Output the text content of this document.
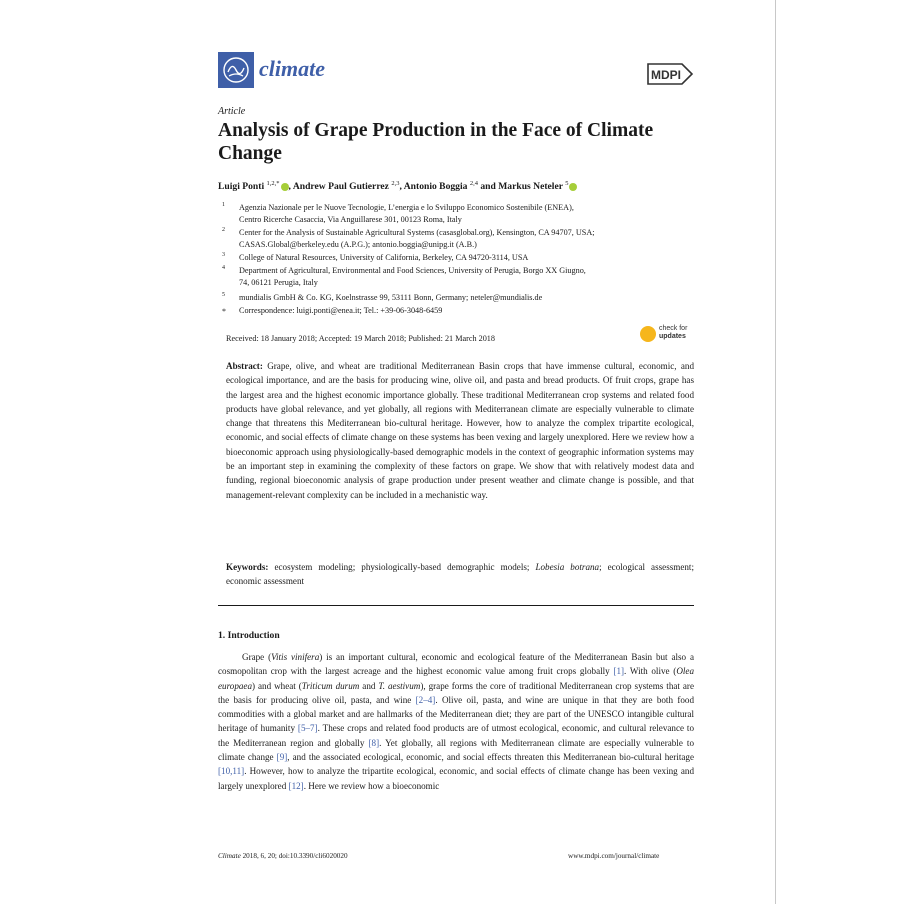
climate	MDPI
Article
Analysis of Grape Production in the Face of Climate Change
Luigi Ponti $^{1,2,*}$ , Andrew Paul Gutierrez $^{2,3}$, Antonio Boggia $^{2,4}$ and Markus Neteler $^5$
1 Agenzia Nazionale per le Nuove Tecnologie, L’energia e lo Sviluppo Economico Sostenibile (ENEA),
Centro Ricerche Casaccia, Via Anguillarese 301, 00123 Roma, Italy
2 Center for the Analysis of Sustainable Agricultural Systems (casasglobal.org), Kensington, CA 94707, USA;
CASAS.Global@berkeley.edu (A.P.G.); antonio.boggia@unipg.it (A.B.)
3 College of Natural Resources, University of California, Berkeley, CA 94720-3114, USA
4 Department of Agricultural, Environmental and Food Sciences, University of Perugia, Borgo XX Giugno,
74, 06121 Perugia, Italy
5 mundialis GmbH & Co. KG, Koelnstrasse 99, 53111 Bonn, Germany; neteler@mundialis.de
* Correspondence: luigi.ponti@enea.it; Tel.: +39-06-3048-6459
Received: 18 January 2018; Accepted: 19 March 2018; Published: 21 March 2018
check for
updates

Abstract: Grape, olive, and wheat are traditional Mediterranean Basin crops that have immense cultural, economic, and ecological importance, and are the basis for producing wine, olive oil, and pasta and bread products. Of fruit crops, grape has the largest area and the highest economic importance globally. These traditional Mediterranean crop systems and related food products have global relevance, and yet globally, all regions with Mediterranean climate are especially vulnerable to climate change that threatens this Mediterranean bio-cultural heritage. However, how to analyze the complex tripartite ecological, economic, and social effects of climate change on these systems has been vexing and largely unexplored. Here we review how a bioeconomic approach using physiologically-based demographic models in the context of geographic information systems may be an important step in examining the complexity of these factors on grape. We show that with relatively modest data and funding, regional bioeconomic analysis of grape production under present weather and climate change is possible, and that management-relevant complexity can be included in a mechanistic way.

Keywords: ecosystem modeling; physiologically-based demographic models; Lobesia botrana; ecological assessment; economic assessment

1. Introduction

Grape (Vitis vinifera) is an important cultural, economic and ecological feature of the Mediterranean Basin but also a cosmopolitan crop with the largest acreage and the highest economic value among fruit crops globally [1]. With olive (Olea europaea) and wheat (Triticum durum and T. aestivum), grape forms the core of traditional Mediterranean crop systems that are the basis for producing olive oil, pasta, and wine [2–4]. Olive oil, pasta, and wine are unique in that they are both food commodities with a global market and are hallmarks of the Mediterranean diet; they are part of the UNESCO intangible cultural heritage of humanity [5–7]. These crops and related food products are of utmost ecological, economic, and cultural relevance to the Mediterranean region and globally [8]. Yet globally, all regions with Mediterranean climate are especially vulnerable to climate change [9], and the associated ecological, economic, and social effects threaten this Mediterranean bio-cultural heritage [10,11]. However, how to analyze the tripartite ecological, economic, and social effects of climate change has been vexing and largely unexplored [12]. Here we review how a bioeconomic

Climate 2018, 6, 20; doi:10.3390/cli6020020	www.mdpi.com/journal/climate
